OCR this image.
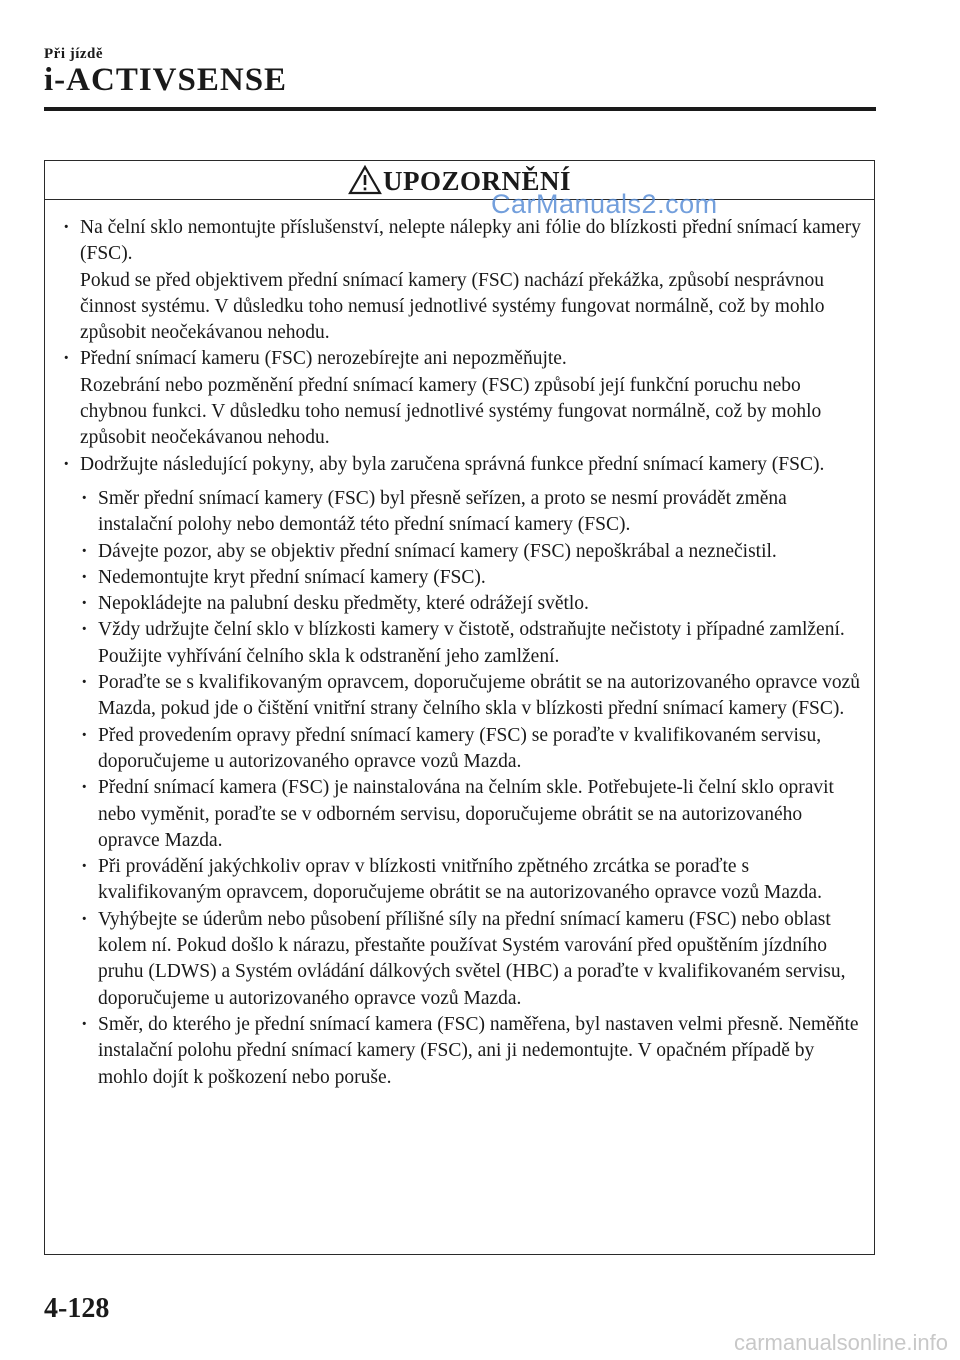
Při jízdě
i-ACTIVSENSE
UPOZORNĚNÍ
CarManuals2.com
· Na čelní sklo nemontujte příslušenství, nelepte nálepky ani fólie do blízkosti přední snímací kamery (FSC).
Pokud se před objektivem přední snímací kamery (FSC) nachází překážka, způsobí nesprávnou činnost systému. V důsledku toho nemusí jednotlivé systémy fungovat normálně, což by mohlo způsobit neočekávanou nehodu.
· Přední snímací kameru (FSC) nerozebírejte ani nepozměňujte.
Rozebrání nebo pozměnění přední snímací kamery (FSC) způsobí její funkční poruchu nebo chybnou funkci. V důsledku toho nemusí jednotlivé systémy fungovat normálně, což by mohlo způsobit neočekávanou nehodu.
· Dodržujte následující pokyny, aby byla zaručena správná funkce přední snímací kamery (FSC).
· Směr přední snímací kamery (FSC) byl přesně seřízen, a proto se nesmí provádět změna instalační polohy nebo demontáž této přední snímací kamery (FSC).
· Dávejte pozor, aby se objektiv přední snímací kamery (FSC) nepoškrábal a neznečistil.
· Nedemontujte kryt přední snímací kamery (FSC).
· Nepokládejte na palubní desku předměty, které odrážejí světlo.
· Vždy udržujte čelní sklo v blízkosti kamery v čistotě, odstraňujte nečistoty i případné zamlžení. Použijte vyhřívání čelního skla k odstranění jeho zamlžení.
· Poraďte se s kvalifikovaným opravcem, doporučujeme obrátit se na autorizovaného opravce vozů Mazda, pokud jde o čištění vnitřní strany čelního skla v blízkosti přední snímací kamery (FSC).
· Před provedením opravy přední snímací kamery (FSC) se poraďte v kvalifikovaném servisu, doporučujeme u autorizovaného opravce vozů Mazda.
· Přední snímací kamera (FSC) je nainstalována na čelním skle. Potřebujete-li čelní sklo opravit nebo vyměnit, poraďte se v odborném servisu, doporučujeme obrátit se na autorizovaného opravce Mazda.
· Při provádění jakýchkoliv oprav v blízkosti vnitřního zpětného zrcátka se poraďte s kvalifikovaným opravcem, doporučujeme obrátit se na autorizovaného opravce vozů Mazda.
· Vyhýbejte se úderům nebo působení přílišné síly na přední snímací kameru (FSC) nebo oblast kolem ní. Pokud došlo k nárazu, přestaňte používat Systém varování před opuštěním jízdního pruhu (LDWS) a Systém ovládání dálkových světel (HBC) a poraďte v kvalifikovaném servisu, doporučujeme u autorizovaného opravce vozů Mazda.
· Směr, do kterého je přední snímací kamera (FSC) naměřena, byl nastaven velmi přesně. Neměňte instalační polohu přední snímací kamery (FSC), ani ji nedemontujte. V opačném případě by mohlo dojít k poškození nebo poruše.
4-128
carmanualsonline.info
